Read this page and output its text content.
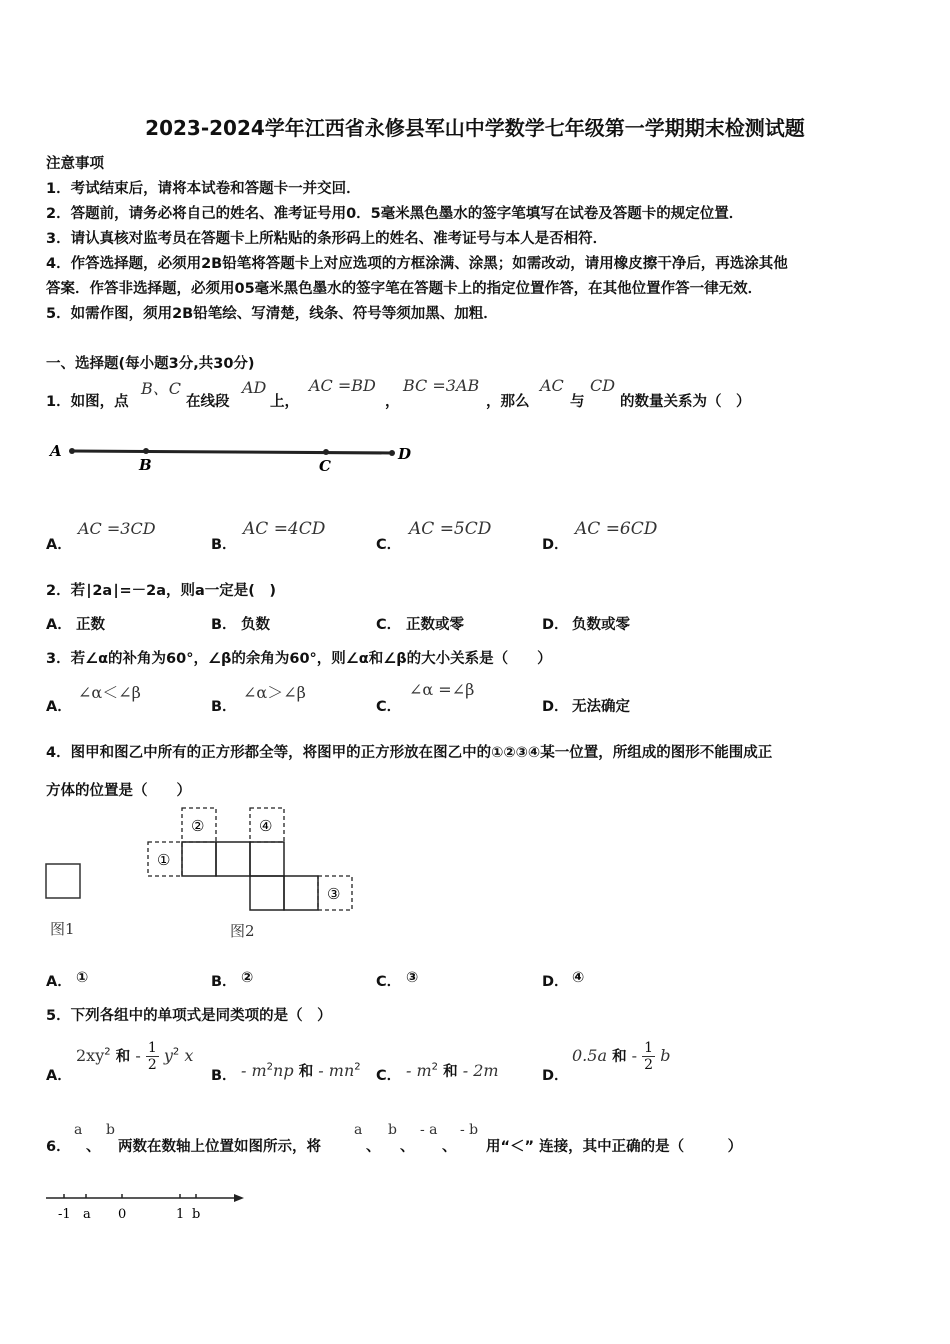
2023-2024学年江西省永修县军山中学数学七年级第一学期期末检测试题
注意事项
1．考试结束后，请将本试卷和答题卡一并交回．
2．答题前，请务必将自己的姓名、准考证号用0．5毫米黑色墨水的签字笔填写在试卷及答题卡的规定位置．
3．请认真核对监考员在答题卡上所粘贴的条形码上的姓名、准考证号与本人是否相符．
4．作答选择题，必须用2B铅笔将答题卡上对应选项的方框涂满、涂黑；如需改动，请用橡皮擦干净后，再选涂其他
答案．作答非选择题，必须用05毫米黑色墨水的签字笔在答题卡上的指定位置作答，在其他位置作答一律无效．
5．如需作图，须用2B铅笔绘、写清楚，线条、符号等须加黑、加粗．
一、选择题(每小题3分,共30分)
1．如图，点
B、C
在线段
AD
上，
AC =BD
，
BC =3AB
，那么
AC
与
CD
的数量关系为（　）
A
B	C
D
A．
AC =3CD
B．
AC =4CD
C．
AC =5CD
D．
AC =6CD
2．若∣2a∣=－2a，则a一定是(　)
A． 正数	B． 负数	C． 正数或零	D． 负数或零
3．若∠α的补角为60°，∠β的余角为60°，则∠α和∠β的大小关系是（　　）
A．
∠α＜∠β
B．
∠α＞∠β
C．
∠α =∠β
D． 无法确定
4．图甲和图乙中所有的正方形都全等，将图甲的正方形放在图乙中的①②③④某一位置，所组成的图形不能围成正
方体的位置是（　　）
图1
①
②	④
③
图2
A． ①	B． ②	C． ③	D． ④
5．下列各组中的单项式是同类项的是（　）
A．
$2xy^2$ 和 - $\frac{1}{2} y^2$ x
B． - $m^2np$ 和 - $mn^2$
C． - $m^2$ 和 - 2m	D．
0.5a 和 - $\frac{1}{2}$ b
6．
a
、
b
两数在数轴上位置如图所示，将
a
、
b
、
- a
、
- b
用“＜” 连接，其中正确的是（　　　）
-1 a 0	1 b
